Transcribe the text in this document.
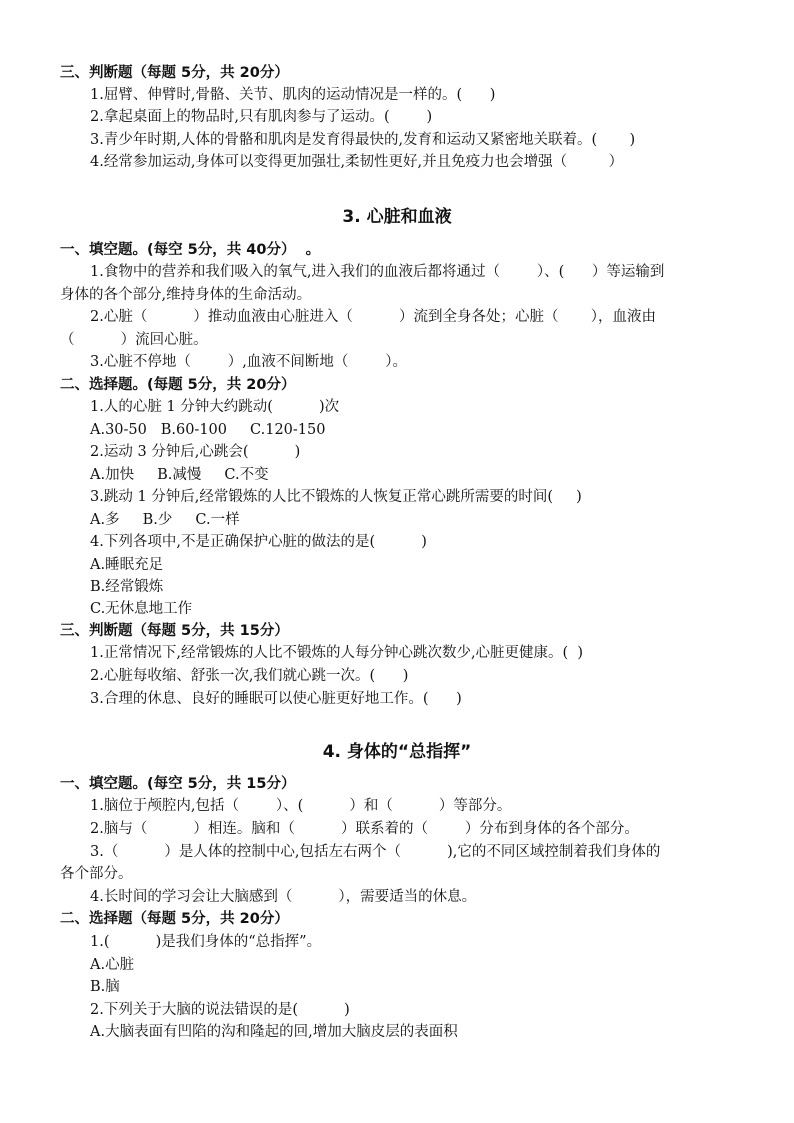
三、判断题（每题 5分，共 20分）
1.屈臂、伸臂时,骨骼、关节、肌肉的运动情况是一样的。(      )
2.拿起桌面上的物品时,只有肌肉参与了运动。(        )
3.青少年时期,人体的骨骼和肌肉是发育得最快的,发育和运动又紧密地关联着。(       )
4.经常参加运动,身体可以变得更加强壮,柔韧性更好,并且免疫力也会增强（         ）
3. 心脏和血液
一、填空题。(每空 5分，共 40分）  。
1.食物中的营养和我们吸入的氧气,进入我们的血液后都将通过（        ）、(      ）等运输到
身体的各个部分,维持身体的生命活动。
2.心脏（          ）推动血液由心脏进入（          ）流到全身各处；心脏（       ），血液由
（          ）流回心脏。
3.心脏不停地（        ）,血液不间断地（        ）。
二、选择题。(每题 5分，共 20分）
1.人的心脏 1 分钟大约跳动(          )次
A.30-50   B.60-100     C.120-150
2.运动 3 分钟后,心跳会(          )
A.加快     B.减慢     C.不变
3.跳动 1 分钟后,经常锻炼的人比不锻炼的人恢复正常心跳所需要的时间(     )
A.多     B.少     C.一样
4.下列各项中,不是正确保护心脏的做法的是(          )
A.睡眠充足
B.经常锻炼
C.无休息地工作
三、判断题（每题 5分，共 15分）
1.正常情况下,经常锻炼的人比不锻炼的人每分钟心跳次数少,心脏更健康。(  )
2.心脏每收缩、舒张一次,我们就心跳一次。(      )
3.合理的休息、良好的睡眠可以使心脏更好地工作。(      )
4. 身体的“总指挥”
一、填空题。(每空 5分，共 15分）
1.脑位于颅腔内,包括（        ）、(          ）和（          ）等部分。
2.脑与（          ）相连。脑和（          ）联系着的（        ）分布到身体的各个部分。
3.（          ）是人体的控制中心,包括左右两个（          ),它的不同区域控制着我们身体的
各个部分。
4.长时间的学习会让大脑感到（          ），需要适当的休息。
二、选择题（每题 5分，共 20分）
1.(          )是我们身体的“总指挥”。
A.心脏
B.脑
2.下列关于大脑的说法错误的是(          )
A.大脑表面有凹陷的沟和隆起的回,增加大脑皮层的表面积
